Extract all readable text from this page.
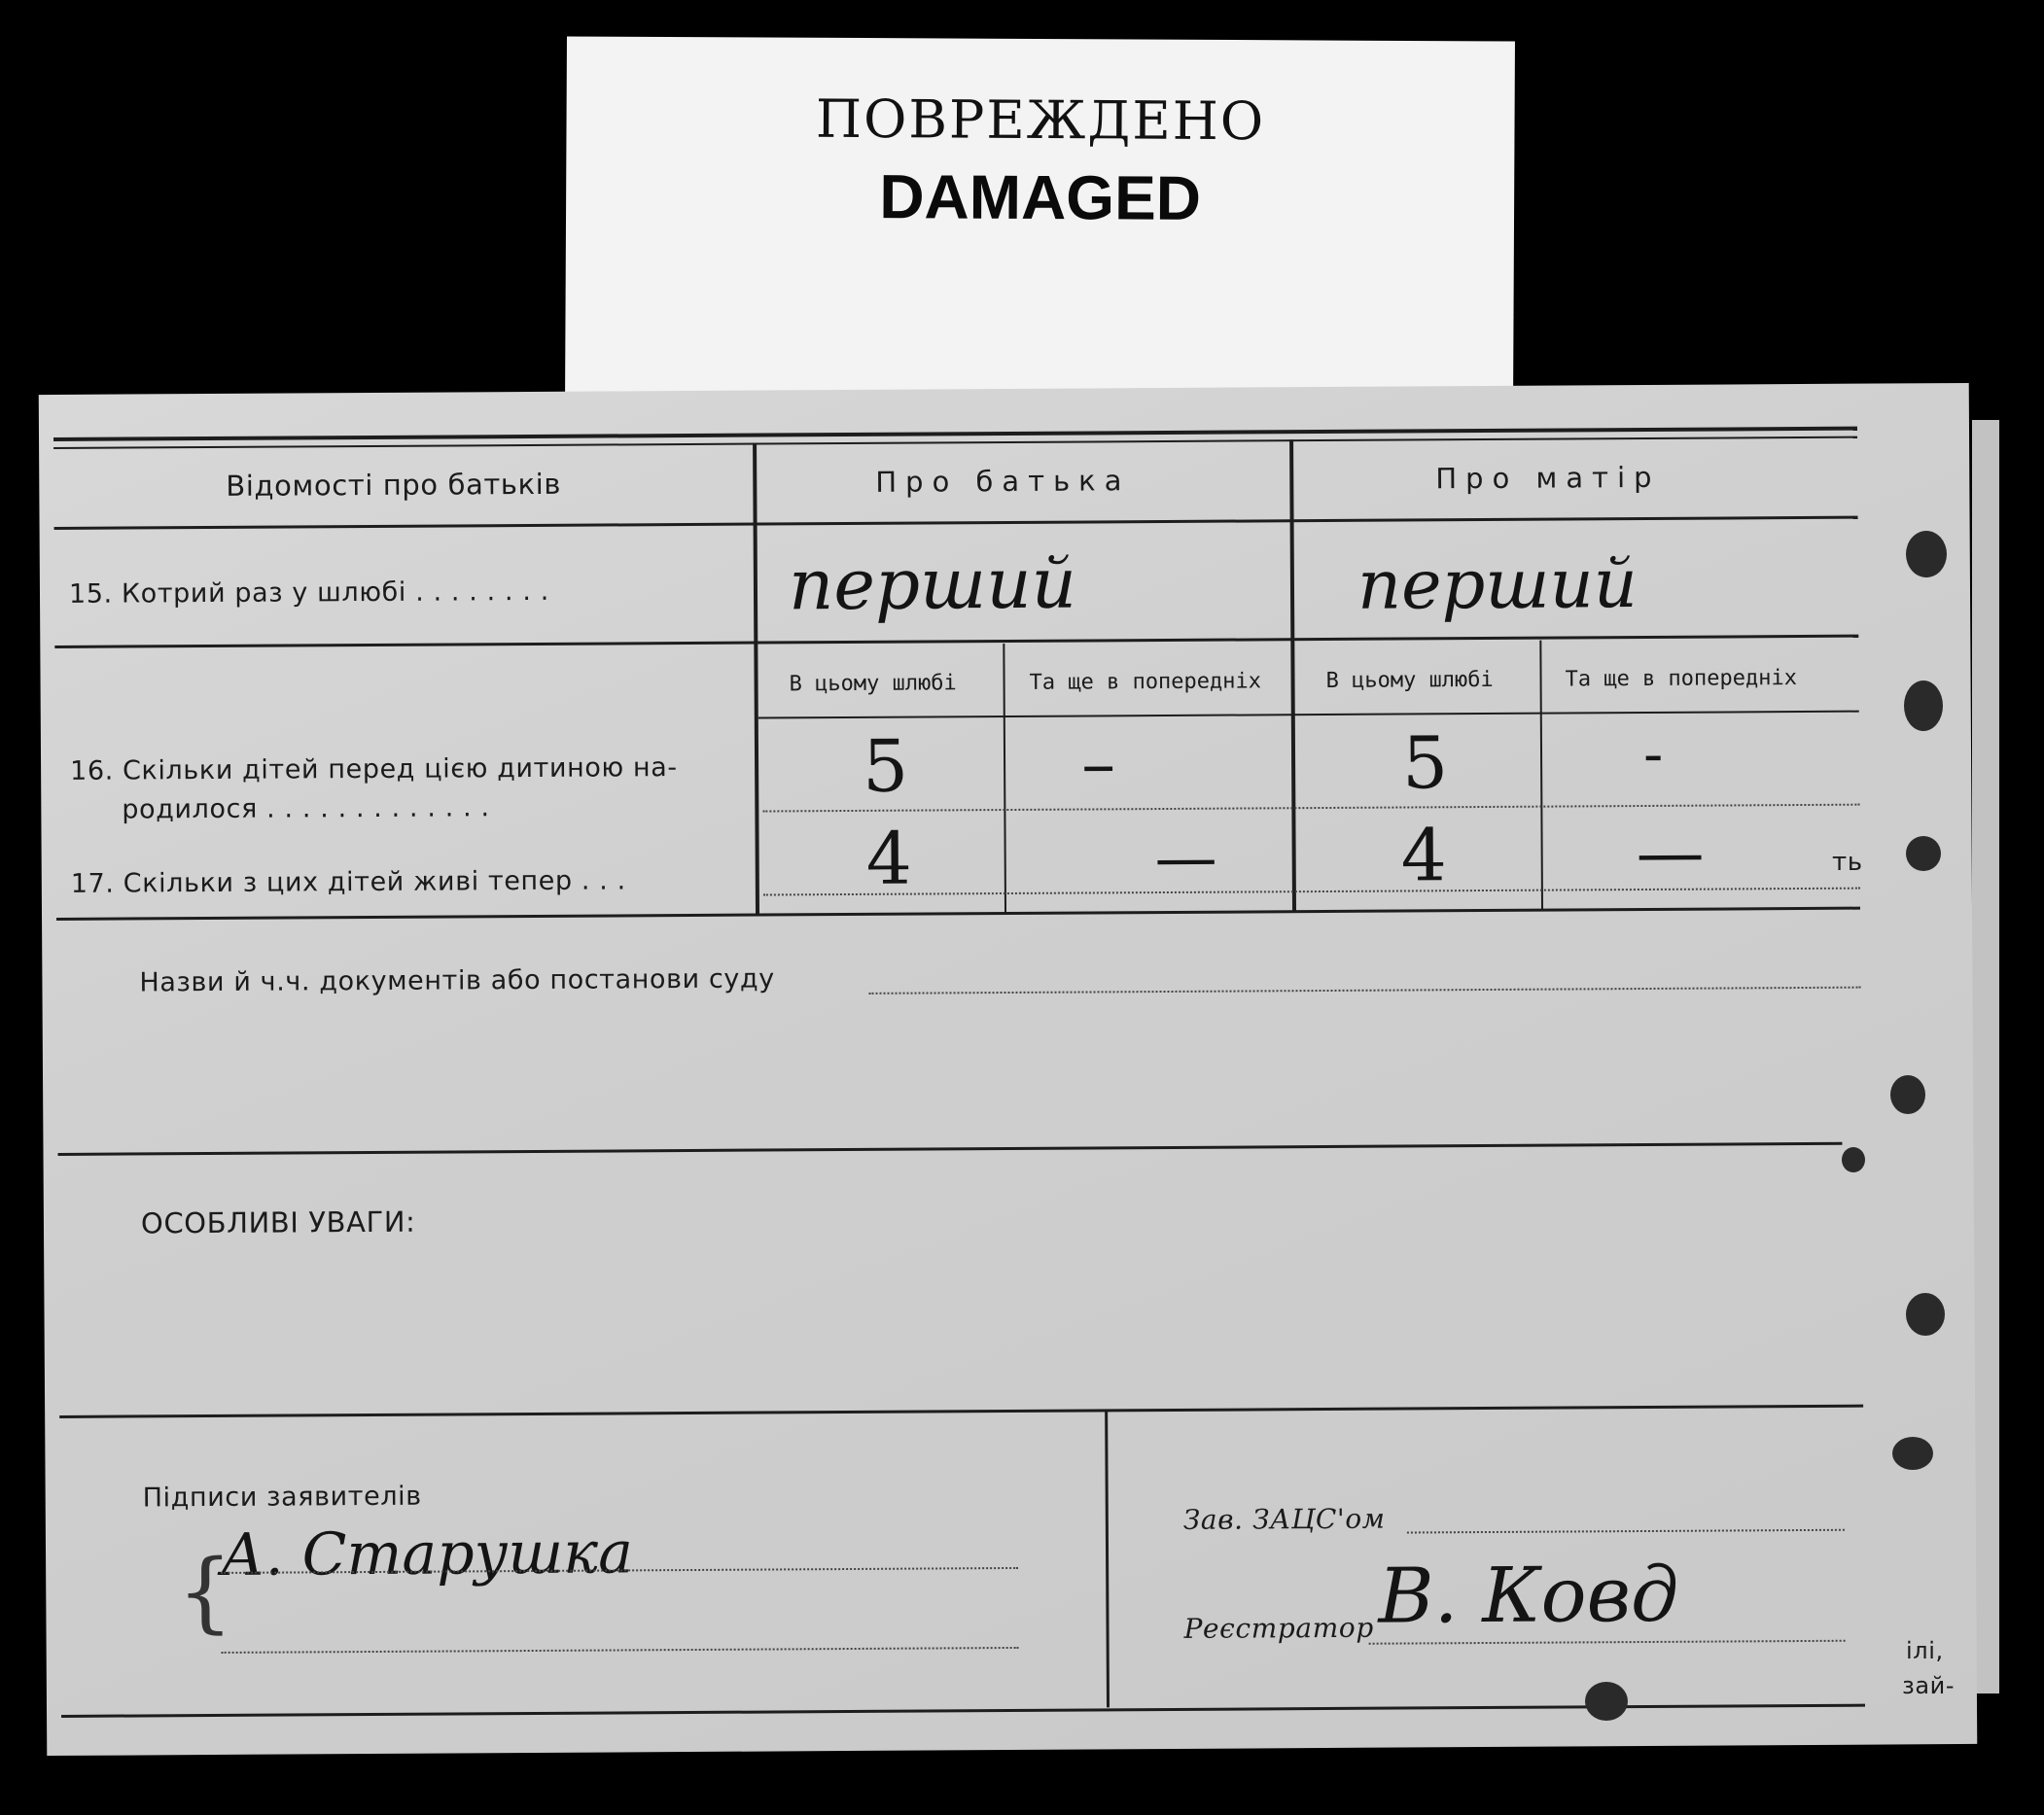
ПОВРЕЖДЕНО
DAMAGED
Відомості про батьків	Про батька	Про матір
15. Котрий раз у шлюбі . . . . . . . .	перший	перший
В цьому шлюбі	Та ще в попередніх	В цьому шлюбі	Та ще в попередніх
16. Скільки дітей перед цією дитиною на-
родилося . . . . . . . . . . . . .	5	–	5	-
17. Скільки з цих дітей живі тепер . . .	4	—	4	—
Назви й ч.ч. документів або постанови суду
ОСОБЛИВІ УВАГИ:
Підписи заявителів
{
А. Старушка	Зав. ЗАЦС'ом
Реєстратор В. Ковд
ть
ілі,
зай-
